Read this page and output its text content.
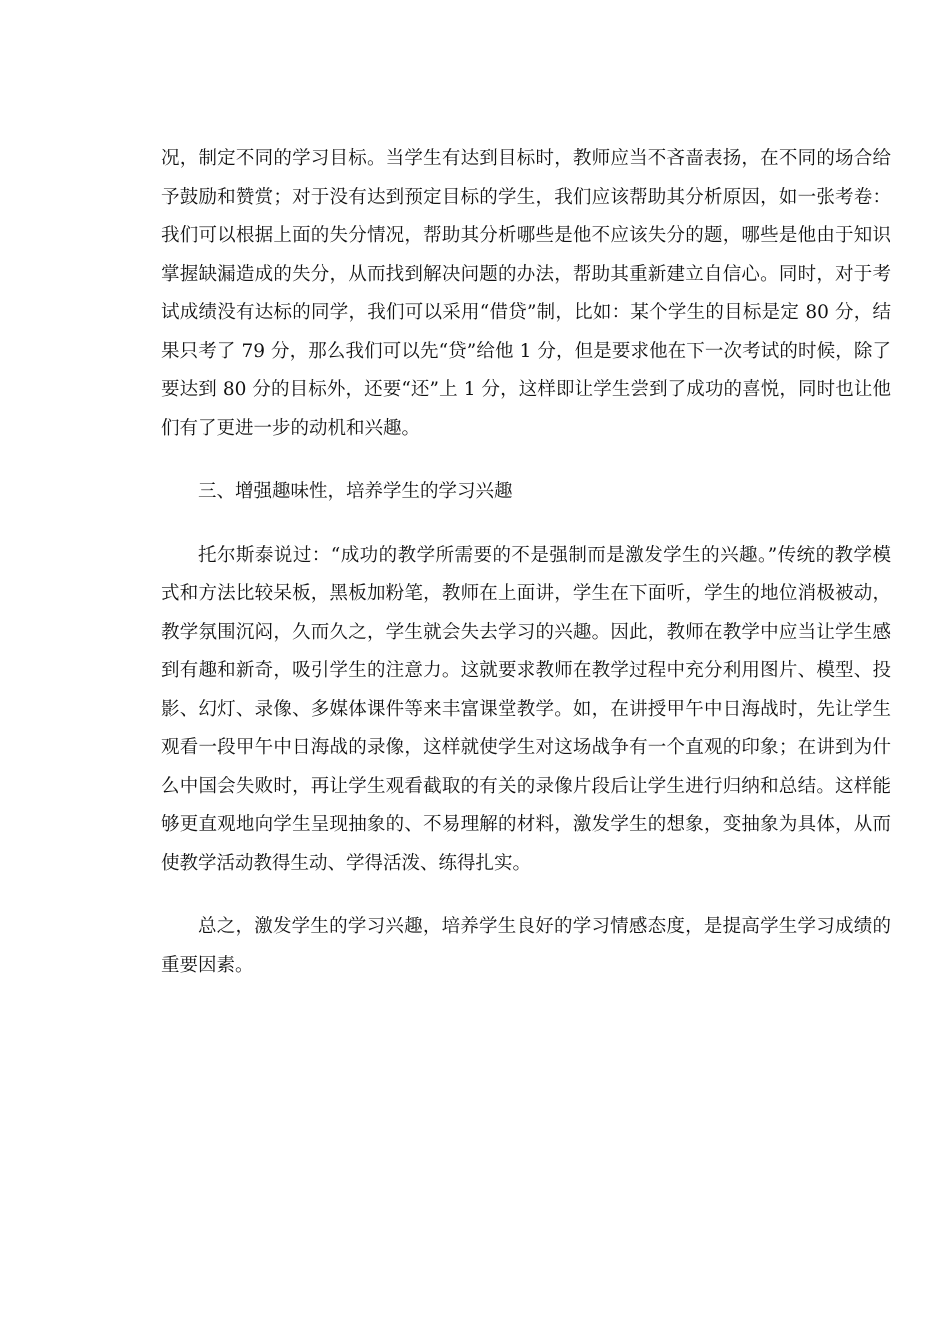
况，制定不同的学习目标。当学生有达到目标时，教师应当不吝啬表扬，在不同的场合给予鼓励和赞赏；对于没有达到预定目标的学生，我们应该帮助其分析原因，如一张考卷：我们可以根据上面的失分情况，帮助其分析哪些是他不应该失分的题，哪些是他由于知识掌握缺漏造成的失分，从而找到解决问题的办法，帮助其重新建立自信心。同时，对于考试成绩没有达标的同学，我们可以采用“借贷”制，比如：某个学生的目标是定 80 分，结果只考了 79 分，那么我们可以先“贷”给他 1 分，但是要求他在下一次考试的时候，除了要达到 80 分的目标外，还要“还”上 1 分，这样即让学生尝到了成功的喜悦，同时也让他们有了更进一步的动机和兴趣。

三、增强趣味性，培养学生的学习兴趣

托尔斯泰说过：“成功的教学所需要的不是强制而是激发学生的兴趣。”传统的教学模式和方法比较呆板，黑板加粉笔，教师在上面讲，学生在下面听，学生的地位消极被动，教学氛围沉闷，久而久之，学生就会失去学习的兴趣。因此，教师在教学中应当让学生感到有趣和新奇，吸引学生的注意力。这就要求教师在教学过程中充分利用图片、模型、投影、幻灯、录像、多媒体课件等来丰富课堂教学。如，在讲授甲午中日海战时，先让学生观看一段甲午中日海战的录像，这样就使学生对这场战争有一个直观的印象；在讲到为什么中国会失败时，再让学生观看截取的有关的录像片段后让学生进行归纳和总结。这样能够更直观地向学生呈现抽象的、不易理解的材料，激发学生的想象，变抽象为具体，从而使教学活动教得生动、学得活泼、练得扎实。

总之，激发学生的学习兴趣，培养学生良好的学习情感态度，是提高学生学习成绩的重要因素。
